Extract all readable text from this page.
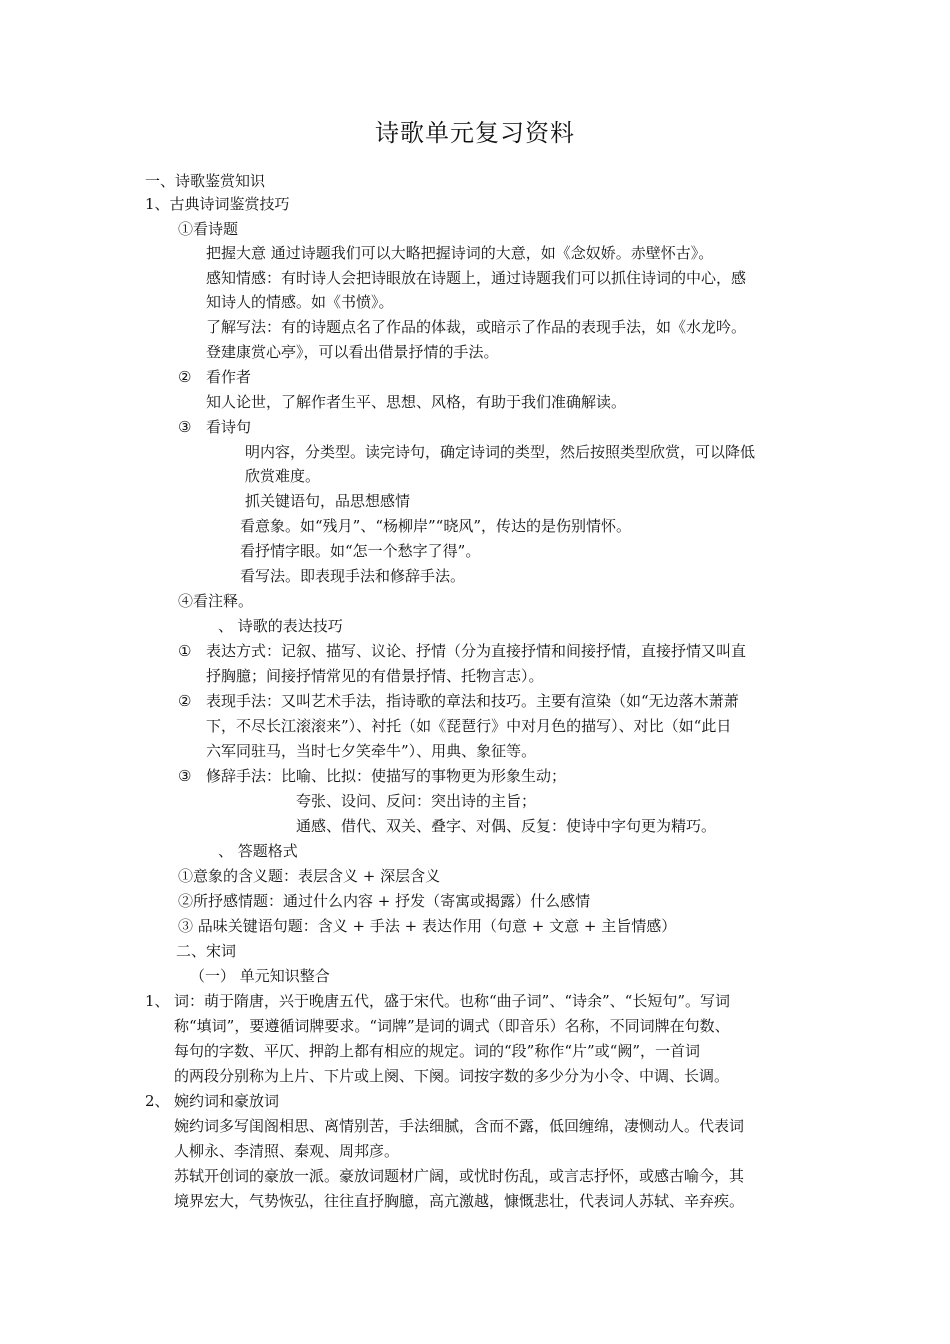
诗歌单元复习资料
一、诗歌鉴赏知识
1、古典诗词鉴赏技巧
①看诗题
把握大意 通过诗题我们可以大略把握诗词的大意，如《念奴娇。赤壁怀古》。
感知情感：有时诗人会把诗眼放在诗题上，通过诗题我们可以抓住诗词的中心，感
知诗人的情感。如《书愤》。
了解写法：有的诗题点名了作品的体裁，或暗示了作品的表现手法，如《水龙吟。
登建康赏心亭》，可以看出借景抒情的手法。
② 看作者
知人论世，了解作者生平、思想、风格，有助于我们准确解读。
③ 看诗句
明内容，分类型。读完诗句，确定诗词的类型，然后按照类型欣赏，可以降低
欣赏难度。
抓关键语句，品思想感情
看意象。如“残月”、“杨柳岸”“晓风”，传达的是伤别情怀。
看抒情字眼。如“怎一个愁字了得”。
看写法。即表现手法和修辞手法。
④看注释。
、 诗歌的表达技巧
① 表达方式：记叙、描写、议论、抒情（分为直接抒情和间接抒情，直接抒情又叫直
抒胸臆；间接抒情常见的有借景抒情、托物言志）。
② 表现手法：又叫艺术手法，指诗歌的章法和技巧。主要有渲染（如“无边落木萧萧
下，不尽长江滚滚来”）、衬托（如《琵琶行》中对月色的描写）、对比（如“此日
六军同驻马，当时七夕笑牵牛”）、用典、象征等。
③ 修辞手法：比喻、比拟：使描写的事物更为形象生动；
夸张、设问、反问：突出诗的主旨；
通感、借代、双关、叠字、对偶、反复：使诗中字句更为精巧。
、 答题格式
①意象的含义题：表层含义 + 深层含义
②所抒感情题：通过什么内容 + 抒发（寄寓或揭露）什么感情
③ 品味关键语句题：含义 + 手法 + 表达作用（句意 + 文意 + 主旨情感）
二、宋词
（一） 单元知识整合
1、 词：萌于隋唐，兴于晚唐五代，盛于宋代。也称“曲子词”、“诗余”、“长短句”。写词
称“填词”，要遵循词牌要求。“词牌”是词的调式（即音乐）名称，不同词牌在句数、
每句的字数、平仄、押韵上都有相应的规定。词的“段”称作“片”或“阙”，一首词
的两段分别称为上片、下片或上阕、下阕。词按字数的多少分为小令、中调、长调。
2、 婉约词和豪放词
婉约词多写闺阁相思、离情别苦，手法细腻，含而不露，低回缠绵，凄恻动人。代表词
人柳永、李清照、秦观、周邦彦。
苏轼开创词的豪放一派。豪放词题材广阔，或忧时伤乱，或言志抒怀，或感古喻今，其
境界宏大，气势恢弘，往往直抒胸臆，高亢激越，慷慨悲壮，代表词人苏轼、辛弃疾。
